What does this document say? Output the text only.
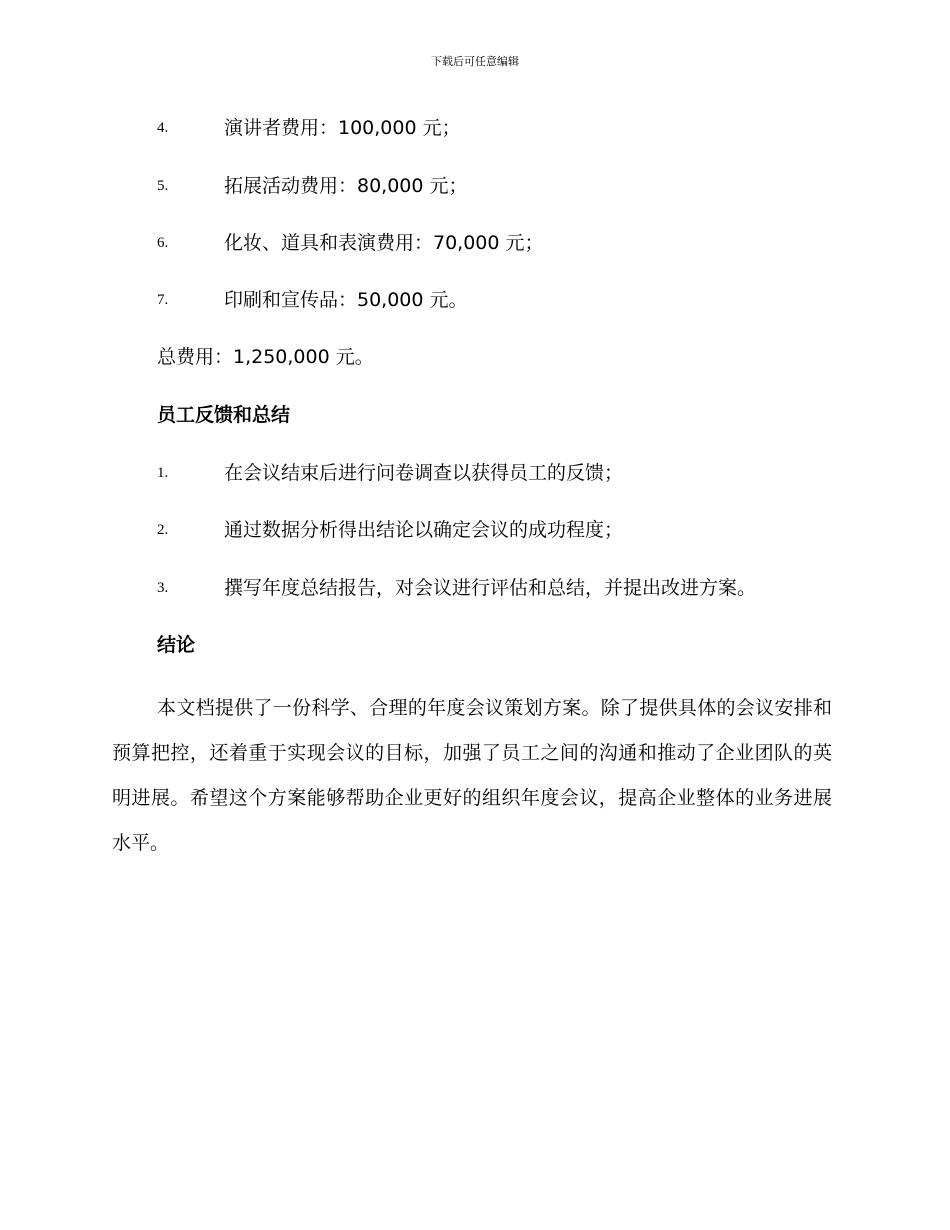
下载后可任意编辑
4.	演讲者费用：100,000 元；
5.	拓展活动费用：80,000 元；
6.	化妆、道具和表演费用：70,000 元；
7.	印刷和宣传品：50,000 元。
总费用：1,250,000 元。
员工反馈和总结
1.	在会议结束后进行问卷调查以获得员工的反馈；
2.	通过数据分析得出结论以确定会议的成功程度；
3.	撰写年度总结报告，对会议进行评估和总结，并提出改进方案。
结论

本文档提供了一份科学、合理的年度会议策划方案。除了提供具体的会议安排和预算把控，还着重于实现会议的目标，加强了员工之间的沟通和推动了企业团队的英明进展。希望这个方案能够帮助企业更好的组织年度会议，提高企业整体的业务进展水平。
